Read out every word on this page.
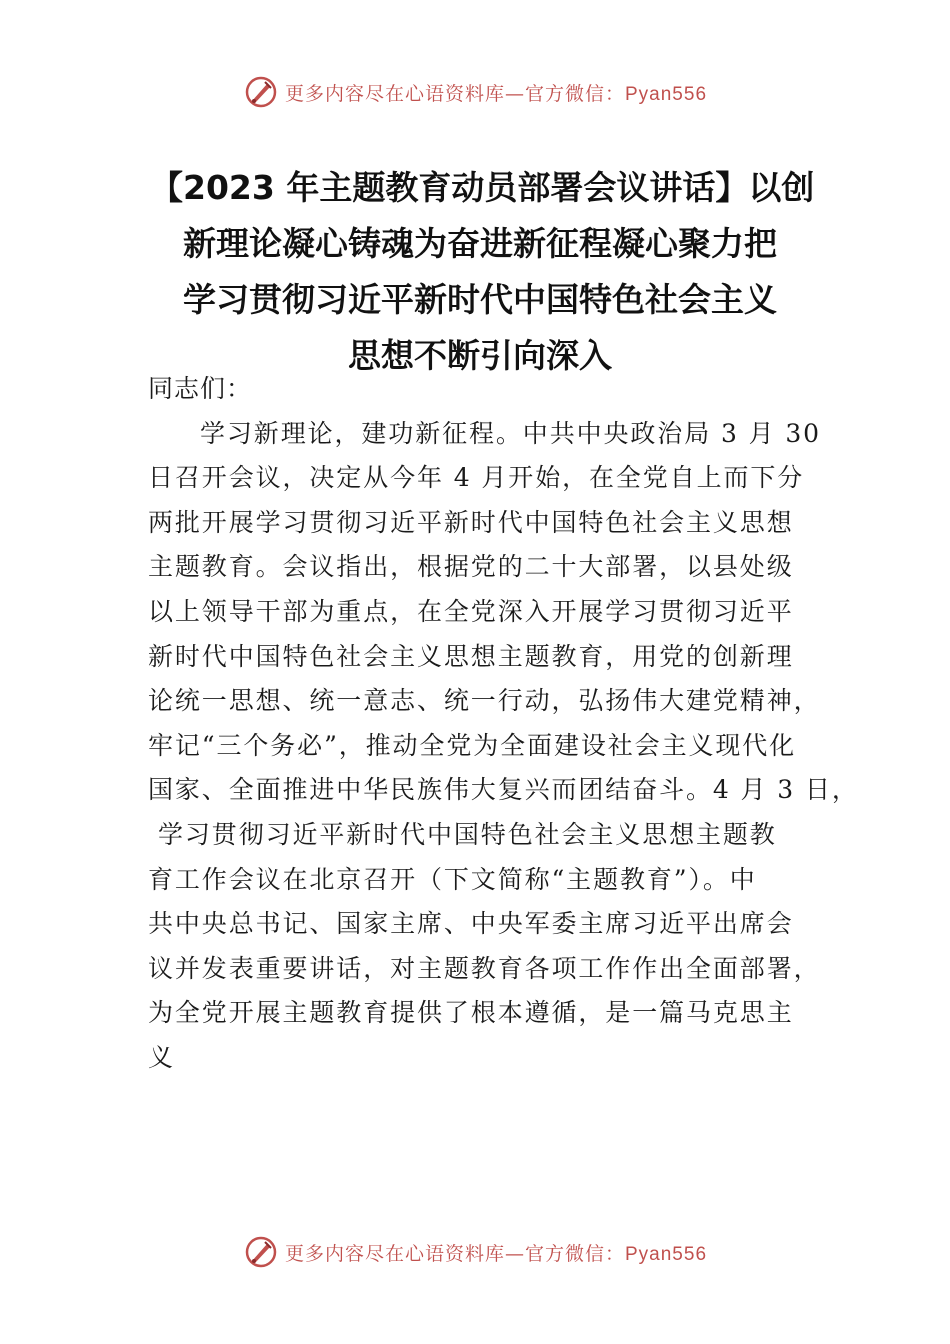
更多内容尽在心语资料库—官方微信：Pyan556
【2023 年主题教育动员部署会议讲话】以创
新理论凝心铸魂为奋进新征程凝心聚力把
学习贯彻习近平新时代中国特色社会主义
思想不断引向深入
同志们：
学习新理论，建功新征程。中共中央政治局 3 月 30
日召开会议，决定从今年 4 月开始，在全党自上而下分
两批开展学习贯彻习近平新时代中国特色社会主义思想
主题教育。会议指出，根据党的二十大部署，以县处级
以上领导干部为重点，在全党深入开展学习贯彻习近平
新时代中国特色社会主义思想主题教育，用党的创新理
论统一思想、统一意志、统一行动，弘扬伟大建党精神，
牢记“三个务必”，推动全党为全面建设社会主义现代化
国家、全面推进中华民族伟大复兴而团结奋斗。4 月 3 日，
学习贯彻习近平新时代中国特色社会主义思想主题教
育工作会议在北京召开（下文简称“主题教育”）。中
共中央总书记、国家主席、中央军委主席习近平出席会
议并发表重要讲话，对主题教育各项工作作出全面部署，
为全党开展主题教育提供了根本遵循，是一篇马克思主
义
更多内容尽在心语资料库—官方微信：Pyan556
